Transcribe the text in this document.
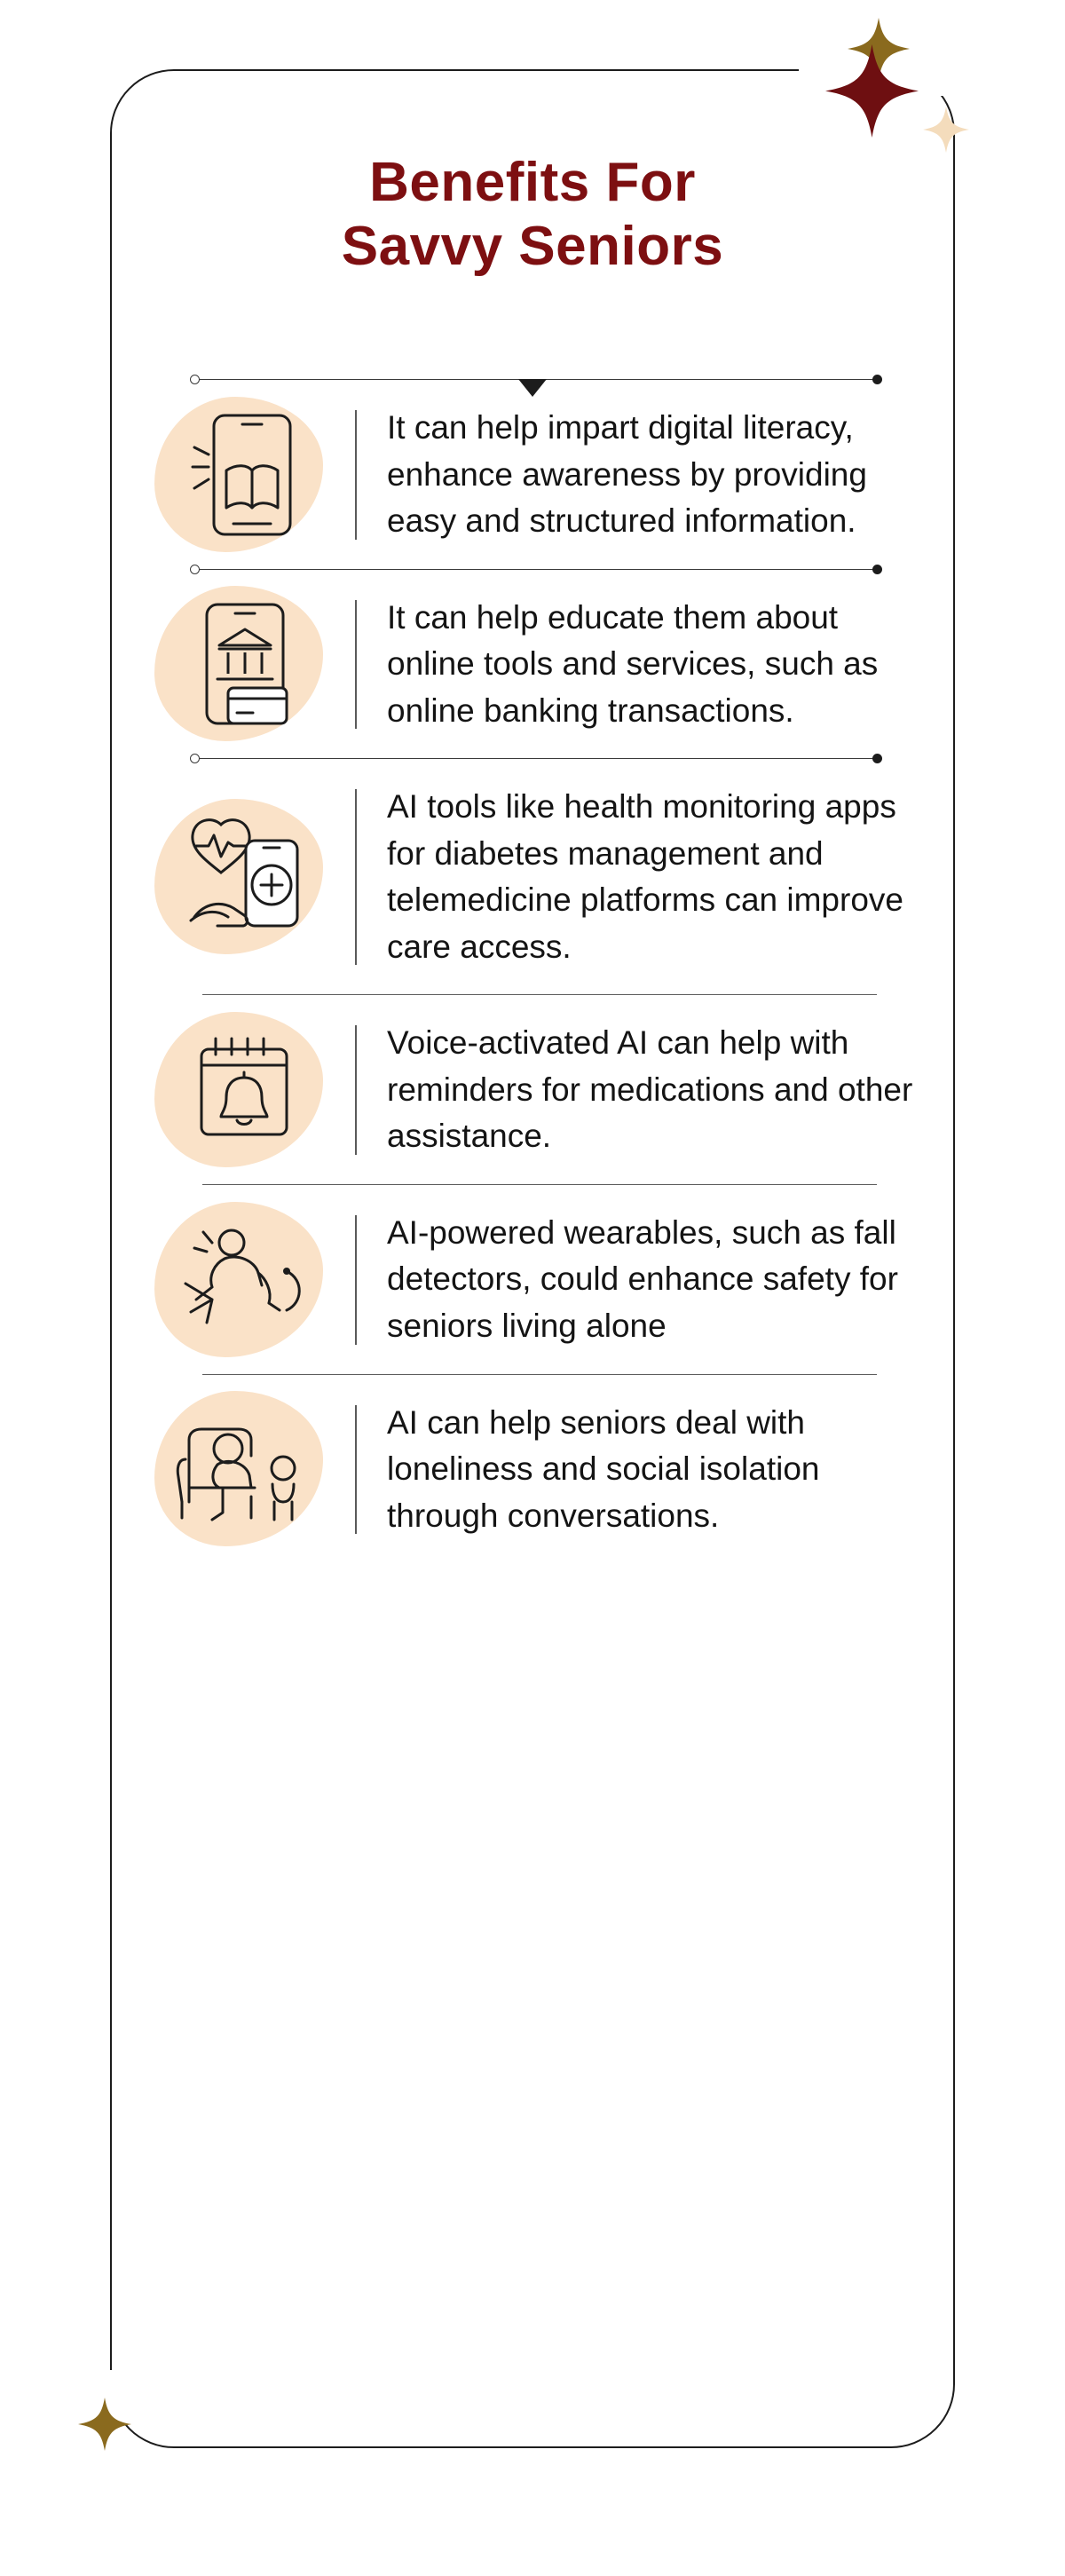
Benefits For
Savvy Seniors
It can help impart digital literacy, enhance awareness by providing easy and structured information.
It can help educate them about online tools and services, such as online banking transactions.
AI tools like health monitoring apps for diabetes management and telemedicine platforms can improve care access.
Voice-activated AI can help with reminders for medications and other assistance.
AI-powered wearables, such as fall detectors, could enhance safety for seniors living alone
AI can help seniors deal with loneliness and social isolation through conversations.
